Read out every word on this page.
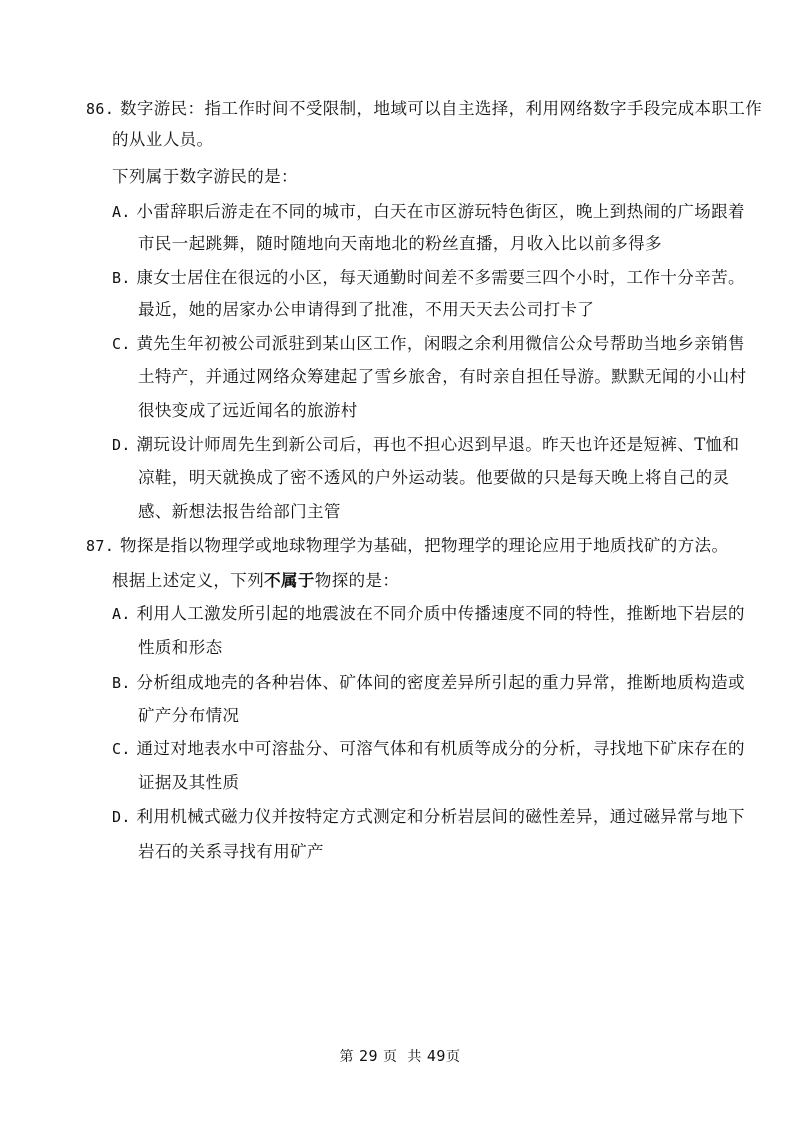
86. 数字游民：指工作时间不受限制，地域可以自主选择，利用网络数字手段完成本职工作
的从业人员。
下列属于数字游民的是：
A. 小雷辞职后游走在不同的城市，白天在市区游玩特色街区，晚上到热闹的广场跟着
市民一起跳舞，随时随地向天南地北的粉丝直播，月收入比以前多得多
B. 康女士居住在很远的小区，每天通勤时间差不多需要三四个小时，工作十分辛苦。
最近，她的居家办公申请得到了批准，不用天天去公司打卡了
C. 黄先生年初被公司派驻到某山区工作，闲暇之余利用微信公众号帮助当地乡亲销售
土特产，并通过网络众筹建起了雪乡旅舍，有时亲自担任导游。默默无闻的小山村
很快变成了远近闻名的旅游村
D. 潮玩设计师周先生到新公司后，再也不担心迟到早退。昨天也许还是短裤、T恤和
凉鞋，明天就换成了密不透风的户外运动装。他要做的只是每天晚上将自己的灵
感、新想法报告给部门主管
87. 物探是指以物理学或地球物理学为基础，把物理学的理论应用于地质找矿的方法。
根据上述定义，下列不属于物探的是：
A. 利用人工激发所引起的地震波在不同介质中传播速度不同的特性，推断地下岩层的
性质和形态
B. 分析组成地壳的各种岩体、矿体间的密度差异所引起的重力异常，推断地质构造或
矿产分布情况
C. 通过对地表水中可溶盐分、可溶气体和有机质等成分的分析，寻找地下矿床存在的
证据及其性质
D. 利用机械式磁力仪并按特定方式测定和分析岩层间的磁性差异，通过磁异常与地下
岩石的关系寻找有用矿产
第 29 页  共 49页
